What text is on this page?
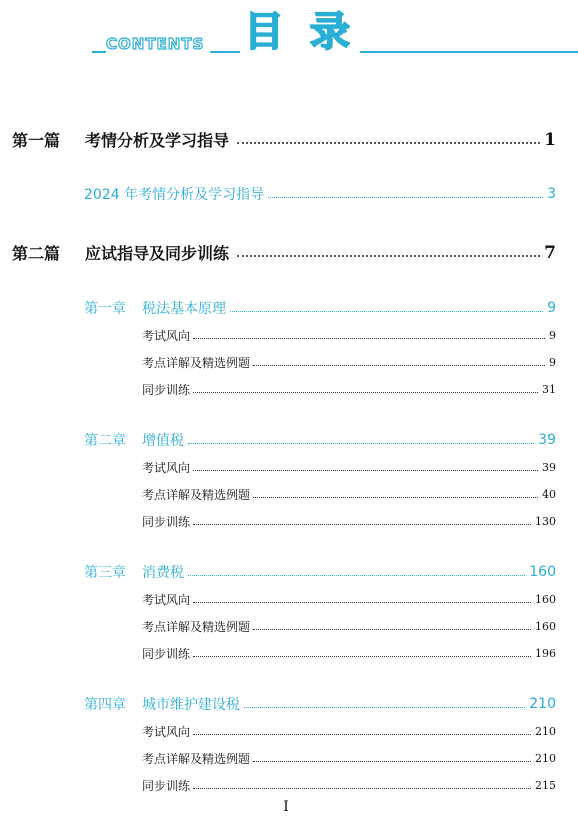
CONTENTS 目 录
第一篇	考情分析及学习指导	1
2024 年考情分析及学习指导	3
第二篇	应试指导及同步训练	7
第一章	税法基本原理	9
考试风向	9
考点详解及精选例题	9
同步训练	31
第二章	增值税	39
考试风向	39
考点详解及精选例题	40
同步训练	130
第三章	消费税	160
考试风向	160
考点详解及精选例题	160
同步训练	196
第四章	城市维护建设税	210
考试风向	210
考点详解及精选例题	210
同步训练	215
I
